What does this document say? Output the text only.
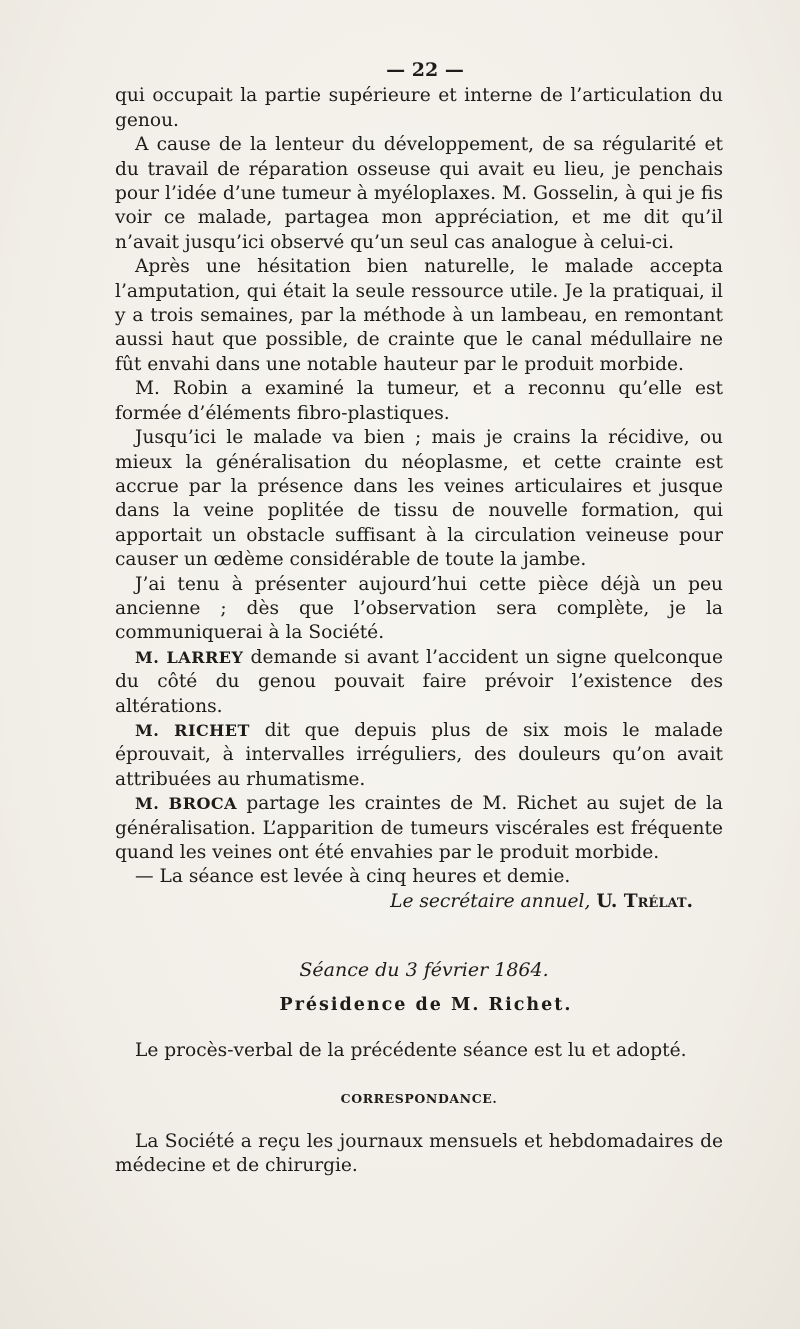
— 22 —

qui occupait la partie supérieure et interne de l’articulation du genou.

A cause de la lenteur du développement, de sa régularité et du travail de réparation osseuse qui avait eu lieu, je penchais pour l’idée d’une tumeur à myéloplaxes. M. Gosselin, à qui je fis voir ce malade, partagea mon appréciation, et me dit qu’il n’avait jusqu’ici observé qu’un seul cas analogue à celui-ci.

Après une hésitation bien naturelle, le malade accepta l’amputation, qui était la seule ressource utile. Je la pratiquai, il y a trois semaines, par la méthode à un lambeau, en remontant aussi haut que possible, de crainte que le canal médullaire ne fût envahi dans une notable hauteur par le produit morbide.

M. Robin a examiné la tumeur, et a reconnu qu’elle est formée d’éléments fibro-plastiques.

Jusqu’ici le malade va bien ; mais je crains la récidive, ou mieux la généralisation du néoplasme, et cette crainte est accrue par la présence dans les veines articulaires et jusque dans la veine poplitée de tissu de nouvelle formation, qui apportait un obstacle suffisant à la circulation veineuse pour causer un œdème considérable de toute la jambe.

J’ai tenu à présenter aujourd’hui cette pièce déjà un peu ancienne ; dès que l’observation sera complète, je la communiquerai à la Société.

M. LARREY demande si avant l’accident un signe quelconque du côté du genou pouvait faire prévoir l’existence des altérations.

M. RICHET dit que depuis plus de six mois le malade éprouvait, à intervalles irréguliers, des douleurs qu’on avait attribuées au rhumatisme.

M. BROCA partage les craintes de M. Richet au sujet de la généralisation. L’apparition de tumeurs viscérales est fréquente quand les veines ont été envahies par le produit morbide.

— La séance est levée à cinq heures et demie.

Le secrétaire annuel, U. Trélat.

Séance du 3 février 1864.
Présidence de M. Richet.

Le procès-verbal de la précédente séance est lu et adopté.

CORRESPONDANCE.

La Société a reçu les journaux mensuels et hebdomadaires de médecine et de chirurgie.
